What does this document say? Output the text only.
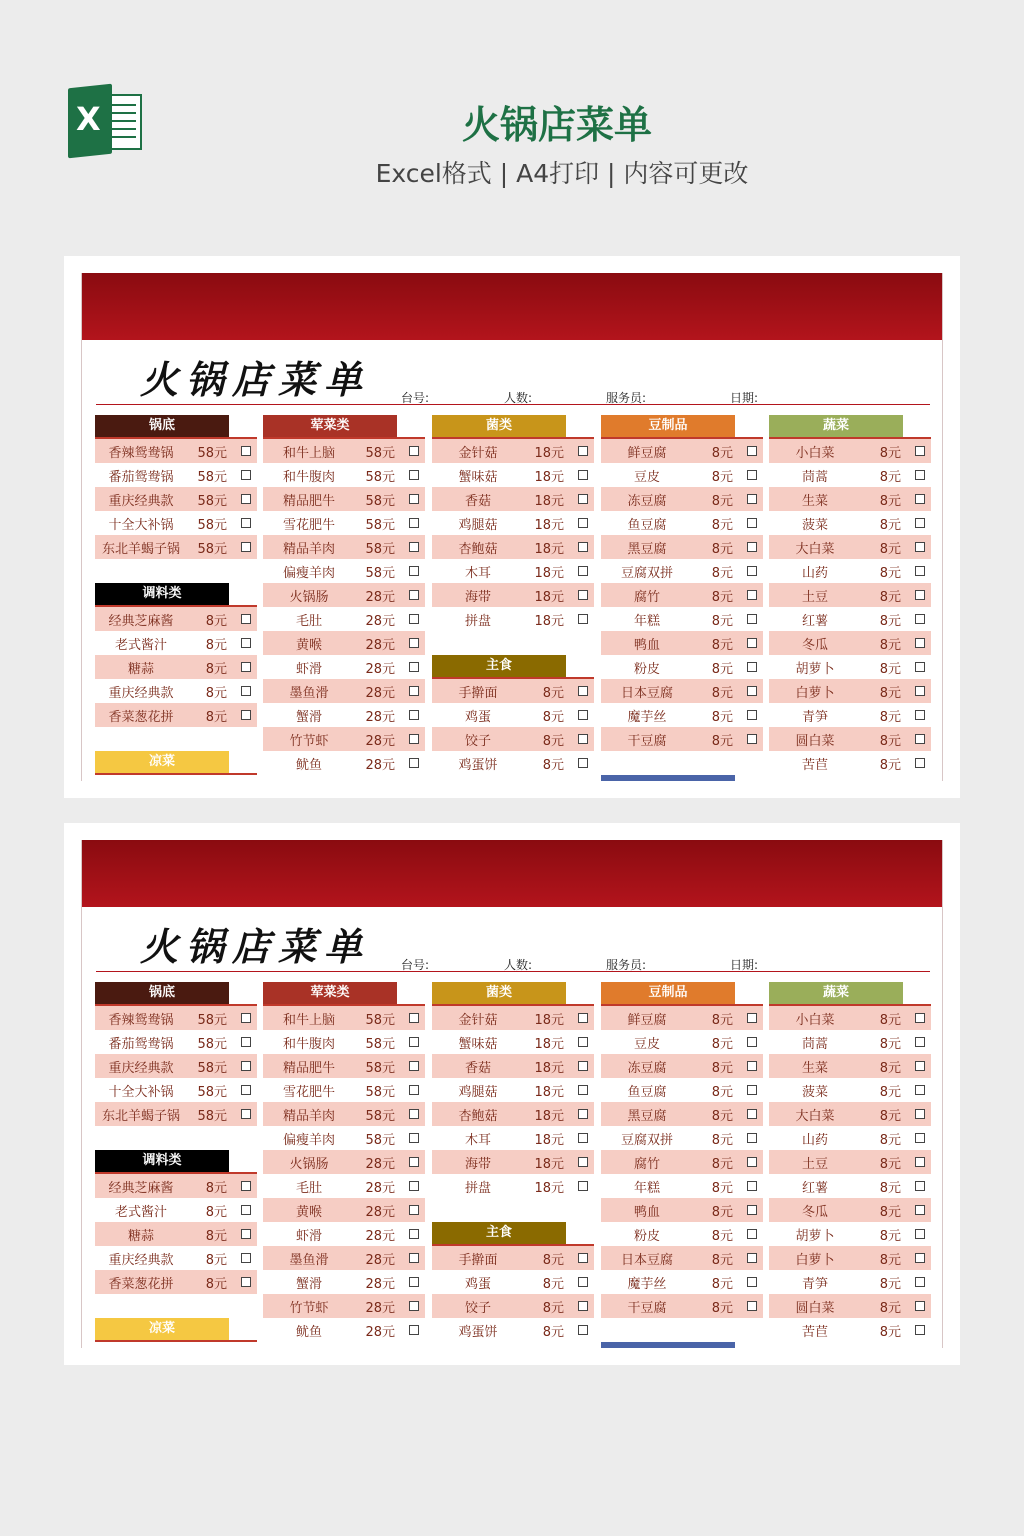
X	火锅店菜单
Excel格式 | A4打印 | 内容可更改
火锅店菜单	台号:	人数:	服务员:	日期:
锅底
香辣鸳鸯锅	58元
番茄鸳鸯锅	58元
重庆经典款	58元
十全大补锅	58元
东北羊蝎子锅	58元
调料类
经典芝麻酱	8元
老式酱汁	8元
糖蒜	8元
重庆经典款	8元
香菜葱花拼	8元
凉菜
荤菜类
和牛上脑	58元
和牛腹肉	58元
精品肥牛	58元
雪花肥牛	58元
精品羊肉	58元
偏瘦羊肉	58元
火锅肠	28元
毛肚	28元
黄喉	28元
虾滑	28元
墨鱼滑	28元
蟹滑	28元
竹节虾	28元
鱿鱼	28元
菌类
金针菇	18元
蟹味菇	18元
香菇	18元
鸡腿菇	18元
杏鲍菇	18元
木耳	18元
海带	18元
拼盘	18元
主食
手擀面	8元
鸡蛋	8元
饺子	8元
鸡蛋饼	8元
豆制品
鲜豆腐	8元
豆皮	8元
冻豆腐	8元
鱼豆腐	8元
黑豆腐	8元
豆腐双拼	8元
腐竹	8元
年糕	8元
鸭血	8元
粉皮	8元
日本豆腐	8元
魔芋丝	8元
干豆腐	8元
蔬菜
小白菜	8元
茼蒿	8元
生菜	8元
菠菜	8元
大白菜	8元
山药	8元
土豆	8元
红薯	8元
冬瓜	8元
胡萝卜	8元
白萝卜	8元
青笋	8元
圆白菜	8元
苦苣	8元
火锅店菜单	台号:	人数:	服务员:	日期:
锅底
香辣鸳鸯锅	58元
番茄鸳鸯锅	58元
重庆经典款	58元
十全大补锅	58元
东北羊蝎子锅	58元
调料类
经典芝麻酱	8元
老式酱汁	8元
糖蒜	8元
重庆经典款	8元
香菜葱花拼	8元
凉菜
荤菜类
和牛上脑	58元
和牛腹肉	58元
精品肥牛	58元
雪花肥牛	58元
精品羊肉	58元
偏瘦羊肉	58元
火锅肠	28元
毛肚	28元
黄喉	28元
虾滑	28元
墨鱼滑	28元
蟹滑	28元
竹节虾	28元
鱿鱼	28元
菌类
金针菇	18元
蟹味菇	18元
香菇	18元
鸡腿菇	18元
杏鲍菇	18元
木耳	18元
海带	18元
拼盘	18元
主食
手擀面	8元
鸡蛋	8元
饺子	8元
鸡蛋饼	8元
豆制品
鲜豆腐	8元
豆皮	8元
冻豆腐	8元
鱼豆腐	8元
黑豆腐	8元
豆腐双拼	8元
腐竹	8元
年糕	8元
鸭血	8元
粉皮	8元
日本豆腐	8元
魔芋丝	8元
干豆腐	8元
蔬菜
小白菜	8元
茼蒿	8元
生菜	8元
菠菜	8元
大白菜	8元
山药	8元
土豆	8元
红薯	8元
冬瓜	8元
胡萝卜	8元
白萝卜	8元
青笋	8元
圆白菜	8元
苦苣	8元
